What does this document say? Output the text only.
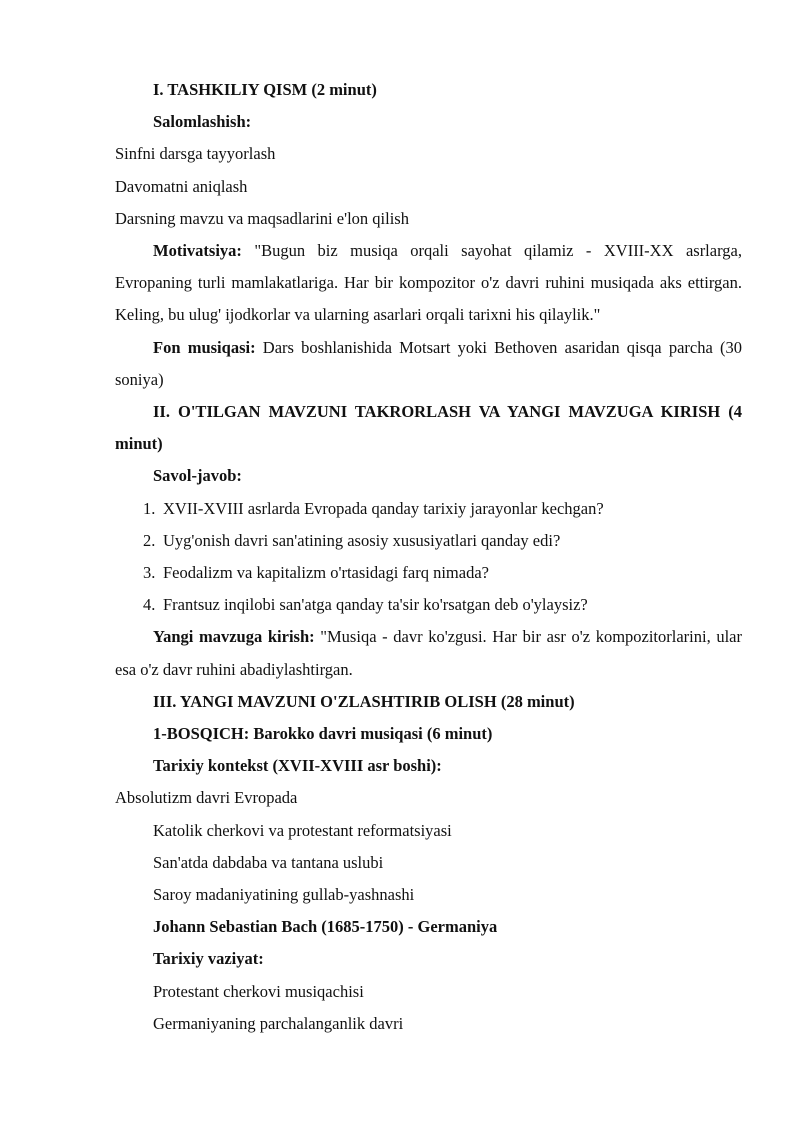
I. TASHKILIY QISM (2 minut)
Salomlashish:
Sinfni darsga tayyorlash
Davomatni aniqlash
Darsning mavzu va maqsadlarini e'lon qilish
Motivatsiya: "Bugun biz musiqa orqali sayohat qilamiz - XVIII-XX asrlarga, Evropaning turli mamlakatlariga. Har bir kompozitor o'z davri ruhini musiqada aks ettirgan. Keling, bu ulug' ijodkorlar va ularning asarlari orqali tarixni his qilaylik."
Fon musiqasi: Dars boshlanishida Motsart yoki Bethoven asaridan qisqa parcha (30 soniya)
II. O'TILGAN MAVZUNI TAKRORLASH VA YANGI MAVZUGA KIRISH (4 minut)
Savol-javob:
1. XVII-XVIII asrlarda Evropada qanday tarixiy jarayonlar kechgan?
2. Uyg'onish davri san'atining asosiy xususiyatlari qanday edi?
3. Feodalizm va kapitalizm o'rtasidagi farq nimada?
4. Frantsuz inqilobi san'atga qanday ta'sir ko'rsatgan deb o'ylaysiz?
Yangi mavzuga kirish: "Musiqa - davr ko'zgusi. Har bir asr o'z kompozitorlarini, ular esa o'z davr ruhini abadiylashtirgan.
III. YANGI MAVZUNI O'ZLASHTIRIB OLISH (28 minut)
1-BOSQICH: Barokko davri musiqasi (6 minut)
Tarixiy kontekst (XVII-XVIII asr boshi):
Absolutizm davri Evropada
Katolik cherkovi va protestant reformatsiyasi
San'atda dabdaba va tantana uslubi
Saroy madaniyatining gullab-yashnashi
Johann Sebastian Bach (1685-1750) - Germaniya
Tarixiy vaziyat:
Protestant cherkovi musiqachisi
Germaniyaning parchalanganlik davri
